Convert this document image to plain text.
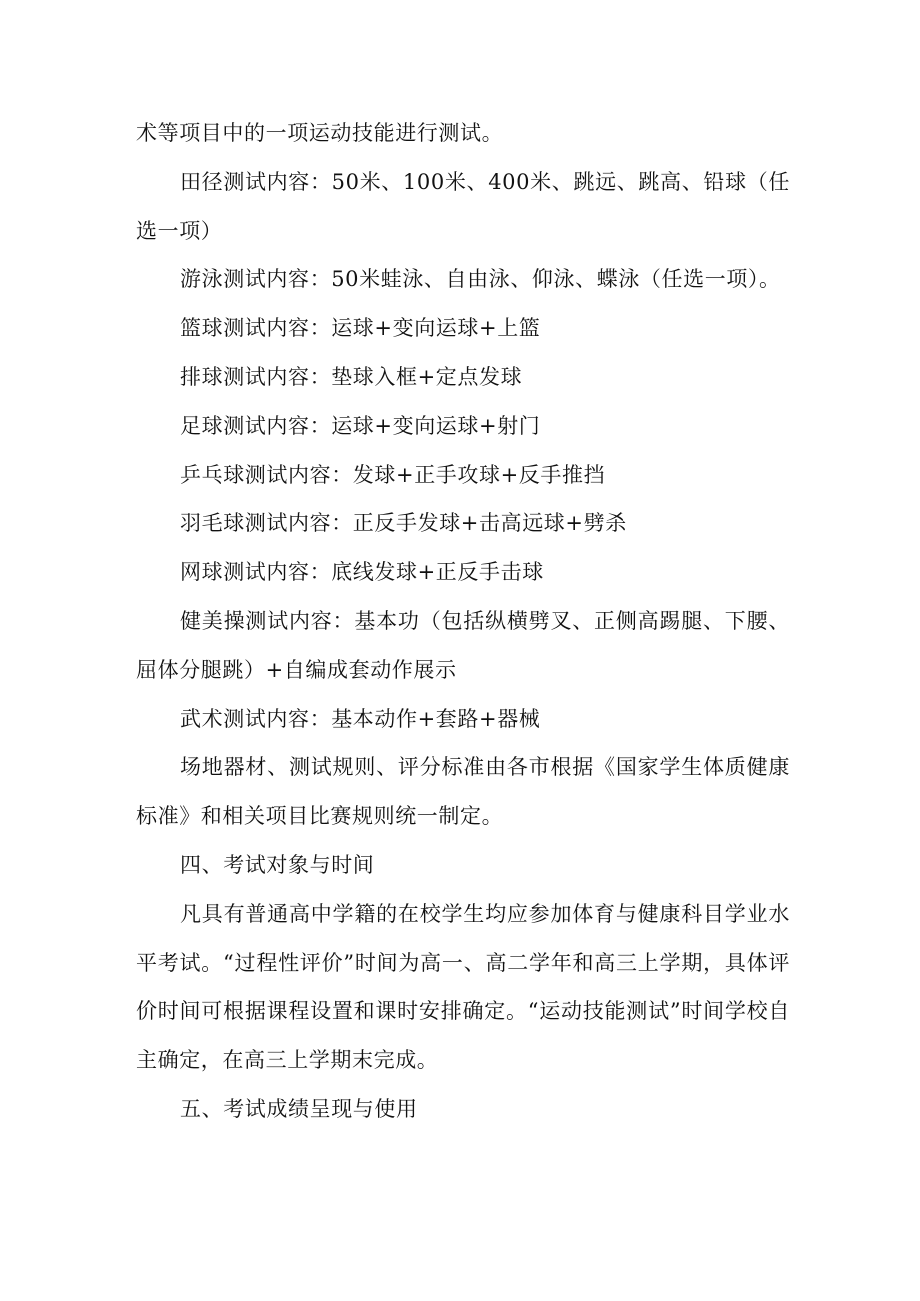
术等项目中的一项运动技能进行测试。

田径测试内容：50米、100米、400米、跳远、跳高、铅球（任选一项）

游泳测试内容：50米蛙泳、自由泳、仰泳、蝶泳（任选一项）。

篮球测试内容：运球+变向运球+上篮

排球测试内容：垫球入框+定点发球

足球测试内容：运球+变向运球+射门

乒乓球测试内容：发球+正手攻球+反手推挡

羽毛球测试内容：正反手发球+击高远球+劈杀

网球测试内容：底线发球+正反手击球

健美操测试内容：基本功（包括纵横劈叉、正侧高踢腿、下腰、屈体分腿跳）+自编成套动作展示

武术测试内容：基本动作+套路+器械

场地器材、测试规则、评分标准由各市根据《国家学生体质健康标准》和相关项目比赛规则统一制定。

四、考试对象与时间

凡具有普通高中学籍的在校学生均应参加体育与健康科目学业水平考试。“过程性评价”时间为高一、高二学年和高三上学期，具体评价时间可根据课程设置和课时安排确定。“运动技能测试”时间学校自主确定，在高三上学期末完成。

五、考试成绩呈现与使用
